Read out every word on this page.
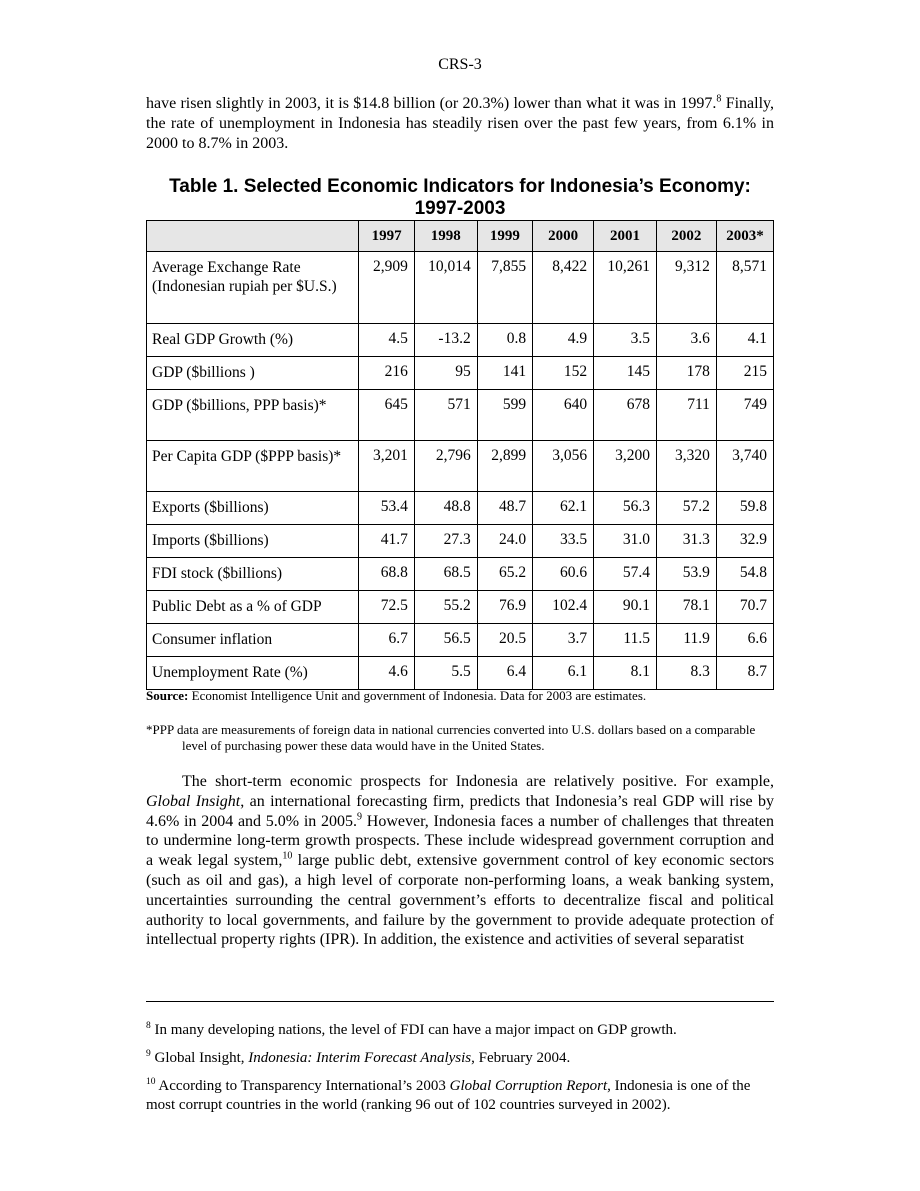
CRS-3

have risen slightly in 2003, it is $14.8 billion (or 20.3%) lower than what it was in 1997.$^8$ Finally, the rate of unemployment in Indonesia has steadily risen over the past few years, from 6.1% in 2000 to 8.7% in 2003.

Table 1. Selected Economic Indicators for Indonesia’s Economy: 1997-2003
	1997	1998	1999	2000	2001	2002	2003*
Average Exchange Rate (Indonesian rupiah per $U.S.)	2,909	10,014	7,855	8,422	10,261	9,312	8,571
Real GDP Growth (%)	4.5	-13.2	0.8	4.9	3.5	3.6	4.1
GDP ($billions )	216	95	141	152	145	178	215
GDP ($billions, PPP basis)*	645	571	599	640	678	711	749
Per Capita GDP ($PPP basis)*	3,201	2,796	2,899	3,056	3,200	3,320	3,740
Exports ($billions)	53.4	48.8	48.7	62.1	56.3	57.2	59.8
Imports ($billions)	41.7	27.3	24.0	33.5	31.0	31.3	32.9
FDI stock ($billions)	68.8	68.5	65.2	60.6	57.4	53.9	54.8
Public Debt as a % of GDP	72.5	55.2	76.9	102.4	90.1	78.1	70.7
Consumer inflation	6.7	56.5	20.5	3.7	11.5	11.9	6.6
Unemployment Rate (%)	4.6	5.5	6.4	6.1	8.1	8.3	8.7
Source: Economist Intelligence Unit and government of Indonesia. Data for 2003 are estimates.
*PPP data are measurements of foreign data in national currencies converted into U.S. dollars based on a comparable level of purchasing power these data would have in the United States.

The short-term economic prospects for Indonesia are relatively positive. For example, Global Insight, an international forecasting firm, predicts that Indonesia’s real GDP will rise by 4.6% in 2004 and 5.0% in 2005.$^9$ However, Indonesia faces a number of challenges that threaten to undermine long-term growth prospects. These include widespread government corruption and a weak legal system,$^{10}$ large public debt, extensive government control of key economic sectors (such as oil and gas), a high level of corporate non-performing loans, a weak banking system, uncertainties surrounding the central government’s efforts to decentralize fiscal and political authority to local governments, and failure by the government to provide adequate protection of intellectual property rights (IPR). In addition, the existence and activities of several separatist

$^8$ In many developing nations, the level of FDI can have a major impact on GDP growth.
$^9$ Global Insight, Indonesia: Interim Forecast Analysis, February 2004.
$^{10}$ According to Transparency International’s 2003 Global Corruption Report, Indonesia is one of the most corrupt countries in the world (ranking 96 out of 102 countries surveyed in 2002).
